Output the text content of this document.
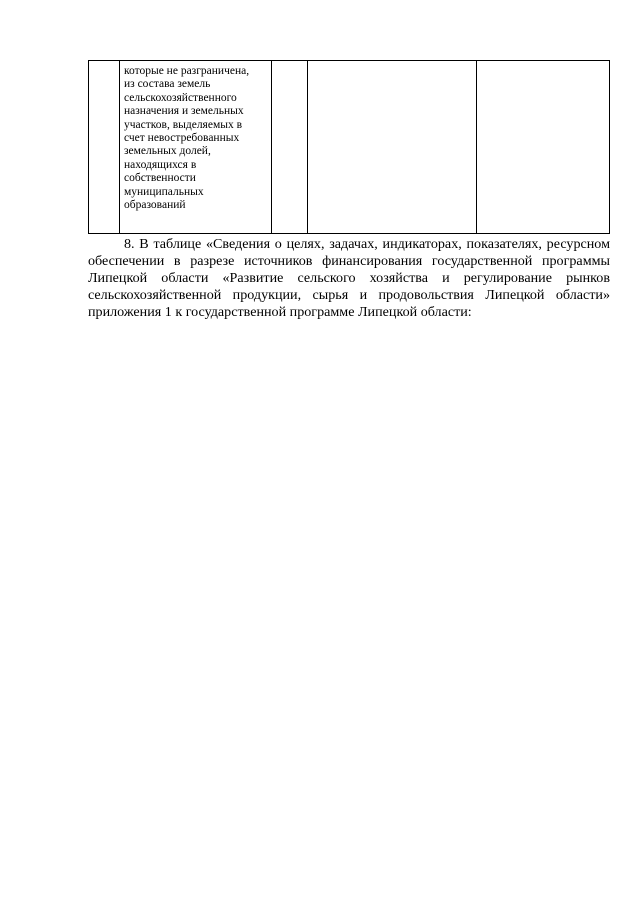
которые не разграничена,
из состава земель
сельскохозяйственного
назначения и земельных
участков, выделяемых в
счет невостребованных
земельных долей,
находящихся в
собственности
муниципальных
образований

8. В таблице «Сведения о целях, задачах, индикаторах, показателях, ресурсном обеспечении в разрезе источников финансирования государственной программы Липецкой области «Развитие сельского хозяйства и регулирование рынков сельскохозяйственной продукции, сырья и продовольствия Липецкой области» приложения 1 к государственной программе Липецкой области:
